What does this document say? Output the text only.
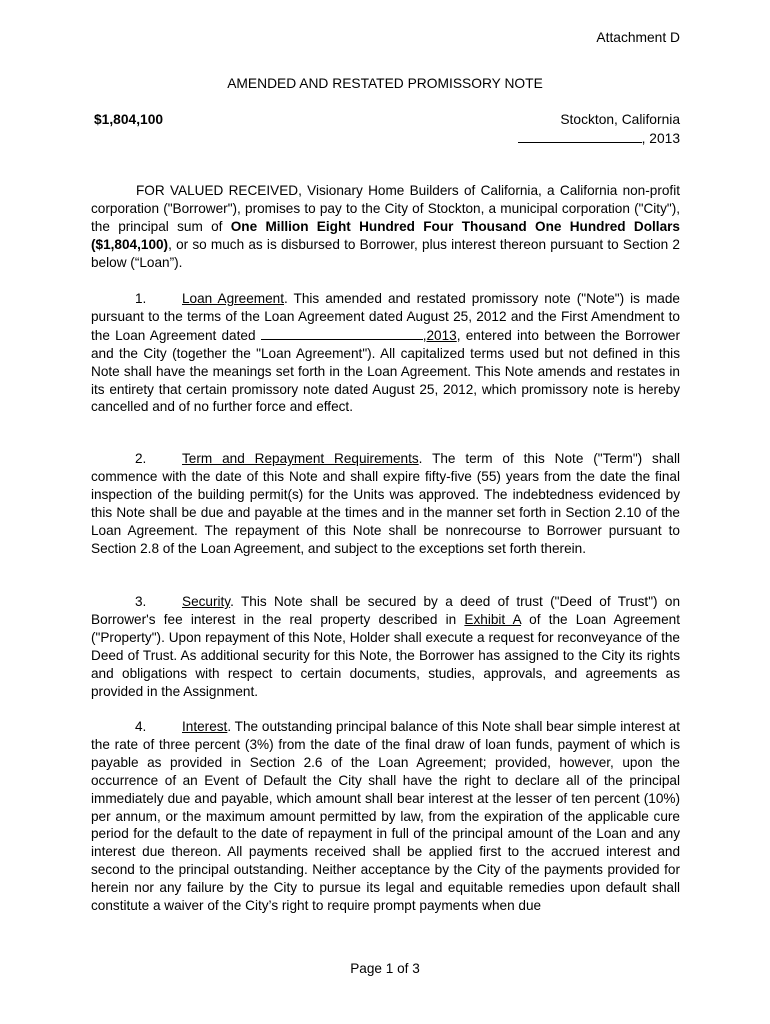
Attachment D
AMENDED AND RESTATED PROMISSORY NOTE
$1,804,100	Stockton, California
, 2013

FOR VALUED RECEIVED, Visionary Home Builders of California, a California non-profit corporation ("Borrower"), promises to pay to the City of Stockton, a municipal corporation ("City"), the principal sum of One Million Eight Hundred Four Thousand One Hundred Dollars ($1,804,100), or so much as is disbursed to Borrower, plus interest thereon pursuant to Section 2 below (“Loan”).

1.	Loan Agreement. This amended and restated promissory note ("Note") is made pursuant to the terms of the Loan Agreement dated August 25, 2012 and the First Amendment to the Loan Agreement dated	,2013, entered into between the Borrower and the City (together the "Loan Agreement"). All capitalized terms used but not defined in this Note shall have the meanings set forth in the Loan Agreement. This Note amends and restates in its entirety that certain promissory note dated August 25, 2012, which promissory note is hereby cancelled and of no further force and effect.

2.	Term and Repayment Requirements. The term of this Note ("Term") shall commence with the date of this Note and shall expire fifty-five (55) years from the date the final inspection of the building permit(s) for the Units was approved. The indebtedness evidenced by this Note shall be due and payable at the times and in the manner set forth in Section 2.10 of the Loan Agreement. The repayment of this Note shall be nonrecourse to Borrower pursuant to Section 2.8 of the Loan Agreement, and subject to the exceptions set forth therein.

3.	Security. This Note shall be secured by a deed of trust ("Deed of Trust") on Borrower's fee interest in the real property described in Exhibit A of the Loan Agreement ("Property"). Upon repayment of this Note, Holder shall execute a request for reconveyance of the Deed of Trust. As additional security for this Note, the Borrower has assigned to the City its rights and obligations with respect to certain documents, studies, approvals, and agreements as provided in the Assignment.

4.	Interest. The outstanding principal balance of this Note shall bear simple interest at the rate of three percent (3%) from the date of the final draw of loan funds, payment of which is payable as provided in Section 2.6 of the Loan Agreement; provided, however, upon the occurrence of an Event of Default the City shall have the right to declare all of the principal immediately due and payable, which amount shall bear interest at the lesser of ten percent (10%) per annum, or the maximum amount permitted by law, from the expiration of the applicable cure period for the default to the date of repayment in full of the principal amount of the Loan and any interest due thereon. All payments received shall be applied first to the accrued interest and second to the principal outstanding. Neither acceptance by the City of the payments provided for herein nor any failure by the City to pursue its legal and equitable remedies upon default shall constitute a waiver of the City’s right to require prompt payments when due

Page 1 of 3
